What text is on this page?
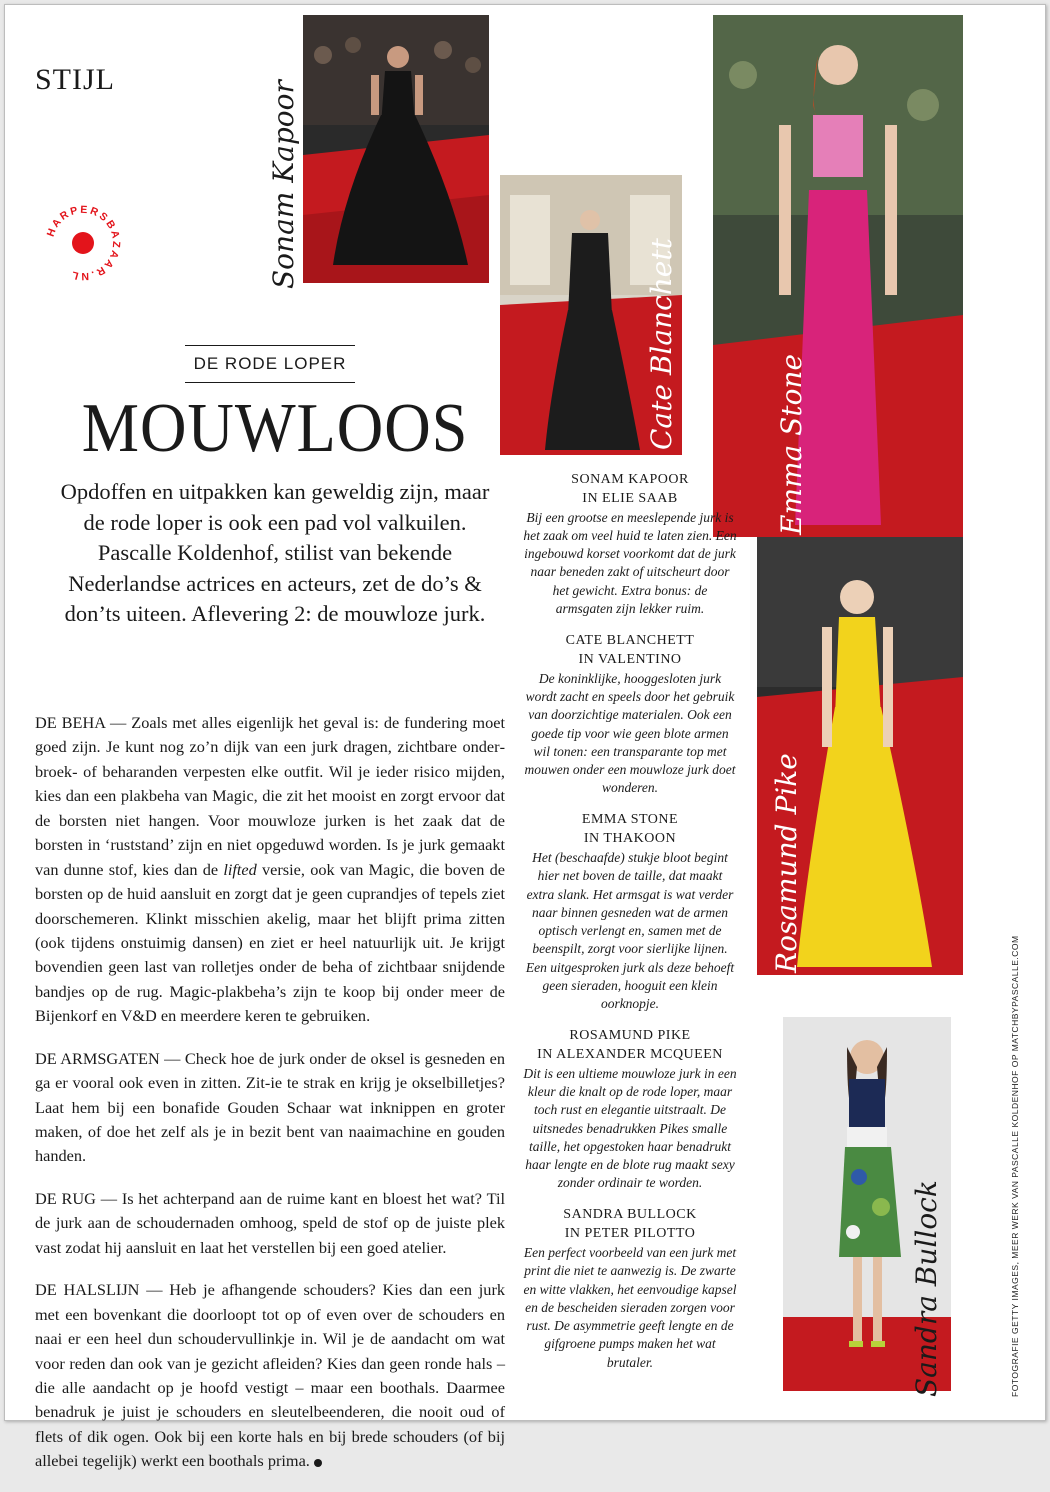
STIJL
HARPERSBAZAAR.NL
DE RODE LOPER
MOUWLOOS
Opdoffen en uitpakken kan geweldig zijn, maar de rode loper is ook een pad vol valkuilen. Pascalle Koldenhof, stilist van bekende Nederlandse actrices en acteurs, zet de do’s & don’ts uiteen. Aflevering 2: de mouwloze jurk.

DE BEHA — Zoals met alles eigenlijk het geval is: de fundering moet goed zijn. Je kunt nog zo’n dijk van een jurk dragen, zichtbare onderbroek- of beharanden verpesten elke outfit. Wil je ieder risico mijden, kies dan een plakbeha van Magic, die zit het mooist en zorgt ervoor dat de borsten niet hangen. Voor mouwloze jurken is het zaak dat de borsten in ‘ruststand’ zijn en niet opgeduwd worden. Is je jurk gemaakt van dunne stof, kies dan de lifted versie, ook van Magic, die boven de borsten op de huid aansluit en zorgt dat je geen cuprandjes of tepels ziet doorschemeren. Klinkt misschien akelig, maar het blijft prima zitten (ook tijdens onstuimig dansen) en ziet er heel natuurlijk uit. Je krijgt bovendien geen last van rolletjes onder de beha of zichtbaar snijdende bandjes op de rug. Magic-plakbeha’s zijn te koop bij onder meer de Bijenkorf en V&D en meerdere keren te gebruiken.

DE ARMSGATEN — Check hoe de jurk onder de oksel is gesneden en ga er vooral ook even in zitten. Zit-ie te strak en krijg je okselbilletjes? Laat hem bij een bonafide Gouden Schaar wat inknippen en groter maken, of doe het zelf als je in bezit bent van naaimachine en gouden handen.

DE RUG — Is het achterpand aan de ruime kant en bloest het wat? Til de jurk aan de schoudernaden omhoog, speld de stof op de juiste plek vast zodat hij aansluit en laat het verstellen bij een goed atelier.

DE HALSLIJN — Heb je afhangende schouders? Kies dan een jurk met een bovenkant die doorloopt tot op of even over de schouders en naai er een heel dun schoudervullinkje in. Wil je de aandacht om wat voor reden dan ook van je gezicht afleiden? Kies dan geen ronde hals – die alle aandacht op je hoofd vestigt – maar een boothals. Daarmee benadruk je juist je schouders en sleutelbeenderen, die nooit oud of flets of dik ogen. Ook bij een korte hals en bij brede schouders (of bij allebei tegelijk) werkt een boothals prima.

Sonam Kapoor
Cate Blanchett	Emma Stone
Rosamund Pike
Sandra Bullock
SONAM KAPOOR
IN ELIE SAAB
Bij een grootse en meeslepende jurk is het zaak om veel huid te laten zien. Een ingebouwd korset voorkomt dat de jurk naar beneden zakt of uitscheurt door het gewicht. Extra bonus: de armsgaten zijn lekker ruim.
CATE BLANCHETT
IN VALENTINO
De koninklijke, hooggesloten jurk wordt zacht en speels door het gebruik van doorzichtige materialen. Ook een goede tip voor wie geen blote armen wil tonen: een transparante top met mouwen onder een mouwloze jurk doet wonderen.
EMMA STONE
IN THAKOON
Het (beschaafde) stukje bloot begint hier net boven de taille, dat maakt extra slank. Het armsgat is wat verder naar binnen gesneden wat de armen optisch verlengt en, samen met de beenspilt, zorgt voor sierlijke lijnen. Een uitgesproken jurk als deze behoeft geen sieraden, hooguit een klein oorknopje.
ROSAMUND PIKE
IN ALEXANDER MCQUEEN
Dit is een ultieme mouwloze jurk in een kleur die knalt op de rode loper, maar toch rust en elegantie uitstraalt. De uitsnedes benadrukken Pikes smalle taille, het opgestoken haar benadrukt haar lengte en de blote rug maakt sexy zonder ordinair te worden.
SANDRA BULLOCK
IN PETER PILOTTO
Een perfect voorbeeld van een jurk met print die niet te aanwezig is. De zwarte en witte vlakken, het eenvoudige kapsel en de bescheiden sieraden zorgen voor rust. De asymmetrie geeft lengte en de gifgroene pumps maken het wat brutaler.	FOTOGRAFIE GETTY IMAGES, MEER WERK VAN PASCALLE KOLDENHOF OP MATCHBYPASCALLE.COM
